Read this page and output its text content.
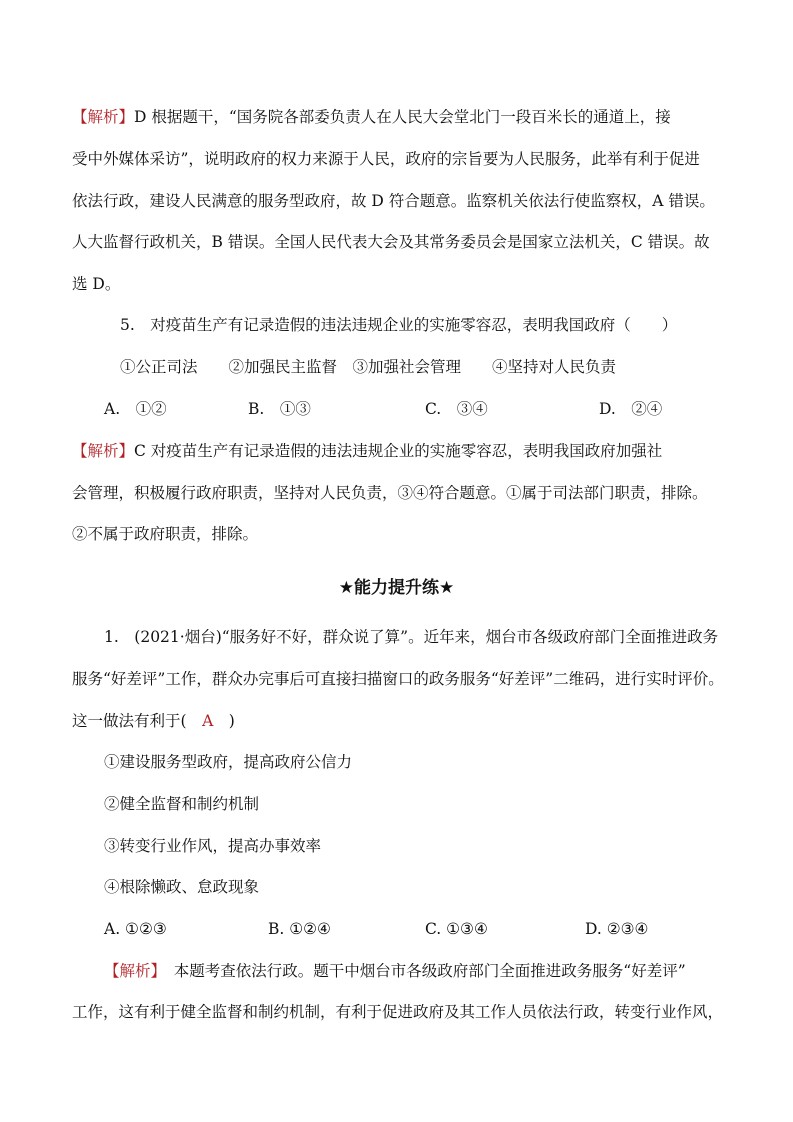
【解析】D 根据题干，“国务院各部委负责人在人民大会堂北门一段百米长的通道上，接
受中外媒体采访”，说明政府的权力来源于人民，政府的宗旨要为人民服务，此举有利于促进
依法行政，建设人民满意的服务型政府，故 D 符合题意。监察机关依法行使监察权，A 错误。
人大监督行政机关，B 错误。全国人民代表大会及其常务委员会是国家立法机关，C 错误。故
选 D。
5.　对疫苗生产有记录造假的违法违规企业的实施零容忍，表明我国政府（　　）
①公正司法　　②加强民主监督　③加强社会管理　　④坚持对人民负责
A.　①②	B.　①③	C.　③④	D.　②④
【解析】C 对疫苗生产有记录造假的违法违规企业的实施零容忍，表明我国政府加强社
会管理，积极履行政府职责，坚持对人民负责，③④符合题意。①属于司法部门职责，排除。
②不属于政府职责，排除。
★能力提升练★
1.　(2021·烟台)“服务好不好，群众说了算”。近年来，烟台市各级政府部门全面推进政务
服务“好差评”工作，群众办完事后可直接扫描窗口的政务服务“好差评”二维码，进行实时评价。
这一做法有利于(　A　)
①建设服务型政府，提高政府公信力
②健全监督和制约机制
③转变行业作风，提高办事效率
④根除懒政、怠政现象
A. ①②③	B. ①②④	C. ①③④	D. ②③④
【解析】　本题考查依法行政。题干中烟台市各级政府部门全面推进政务服务“好差评”
工作，这有利于健全监督和制约机制，有利于促进政府及其工作人员依法行政，转变行业作风，
